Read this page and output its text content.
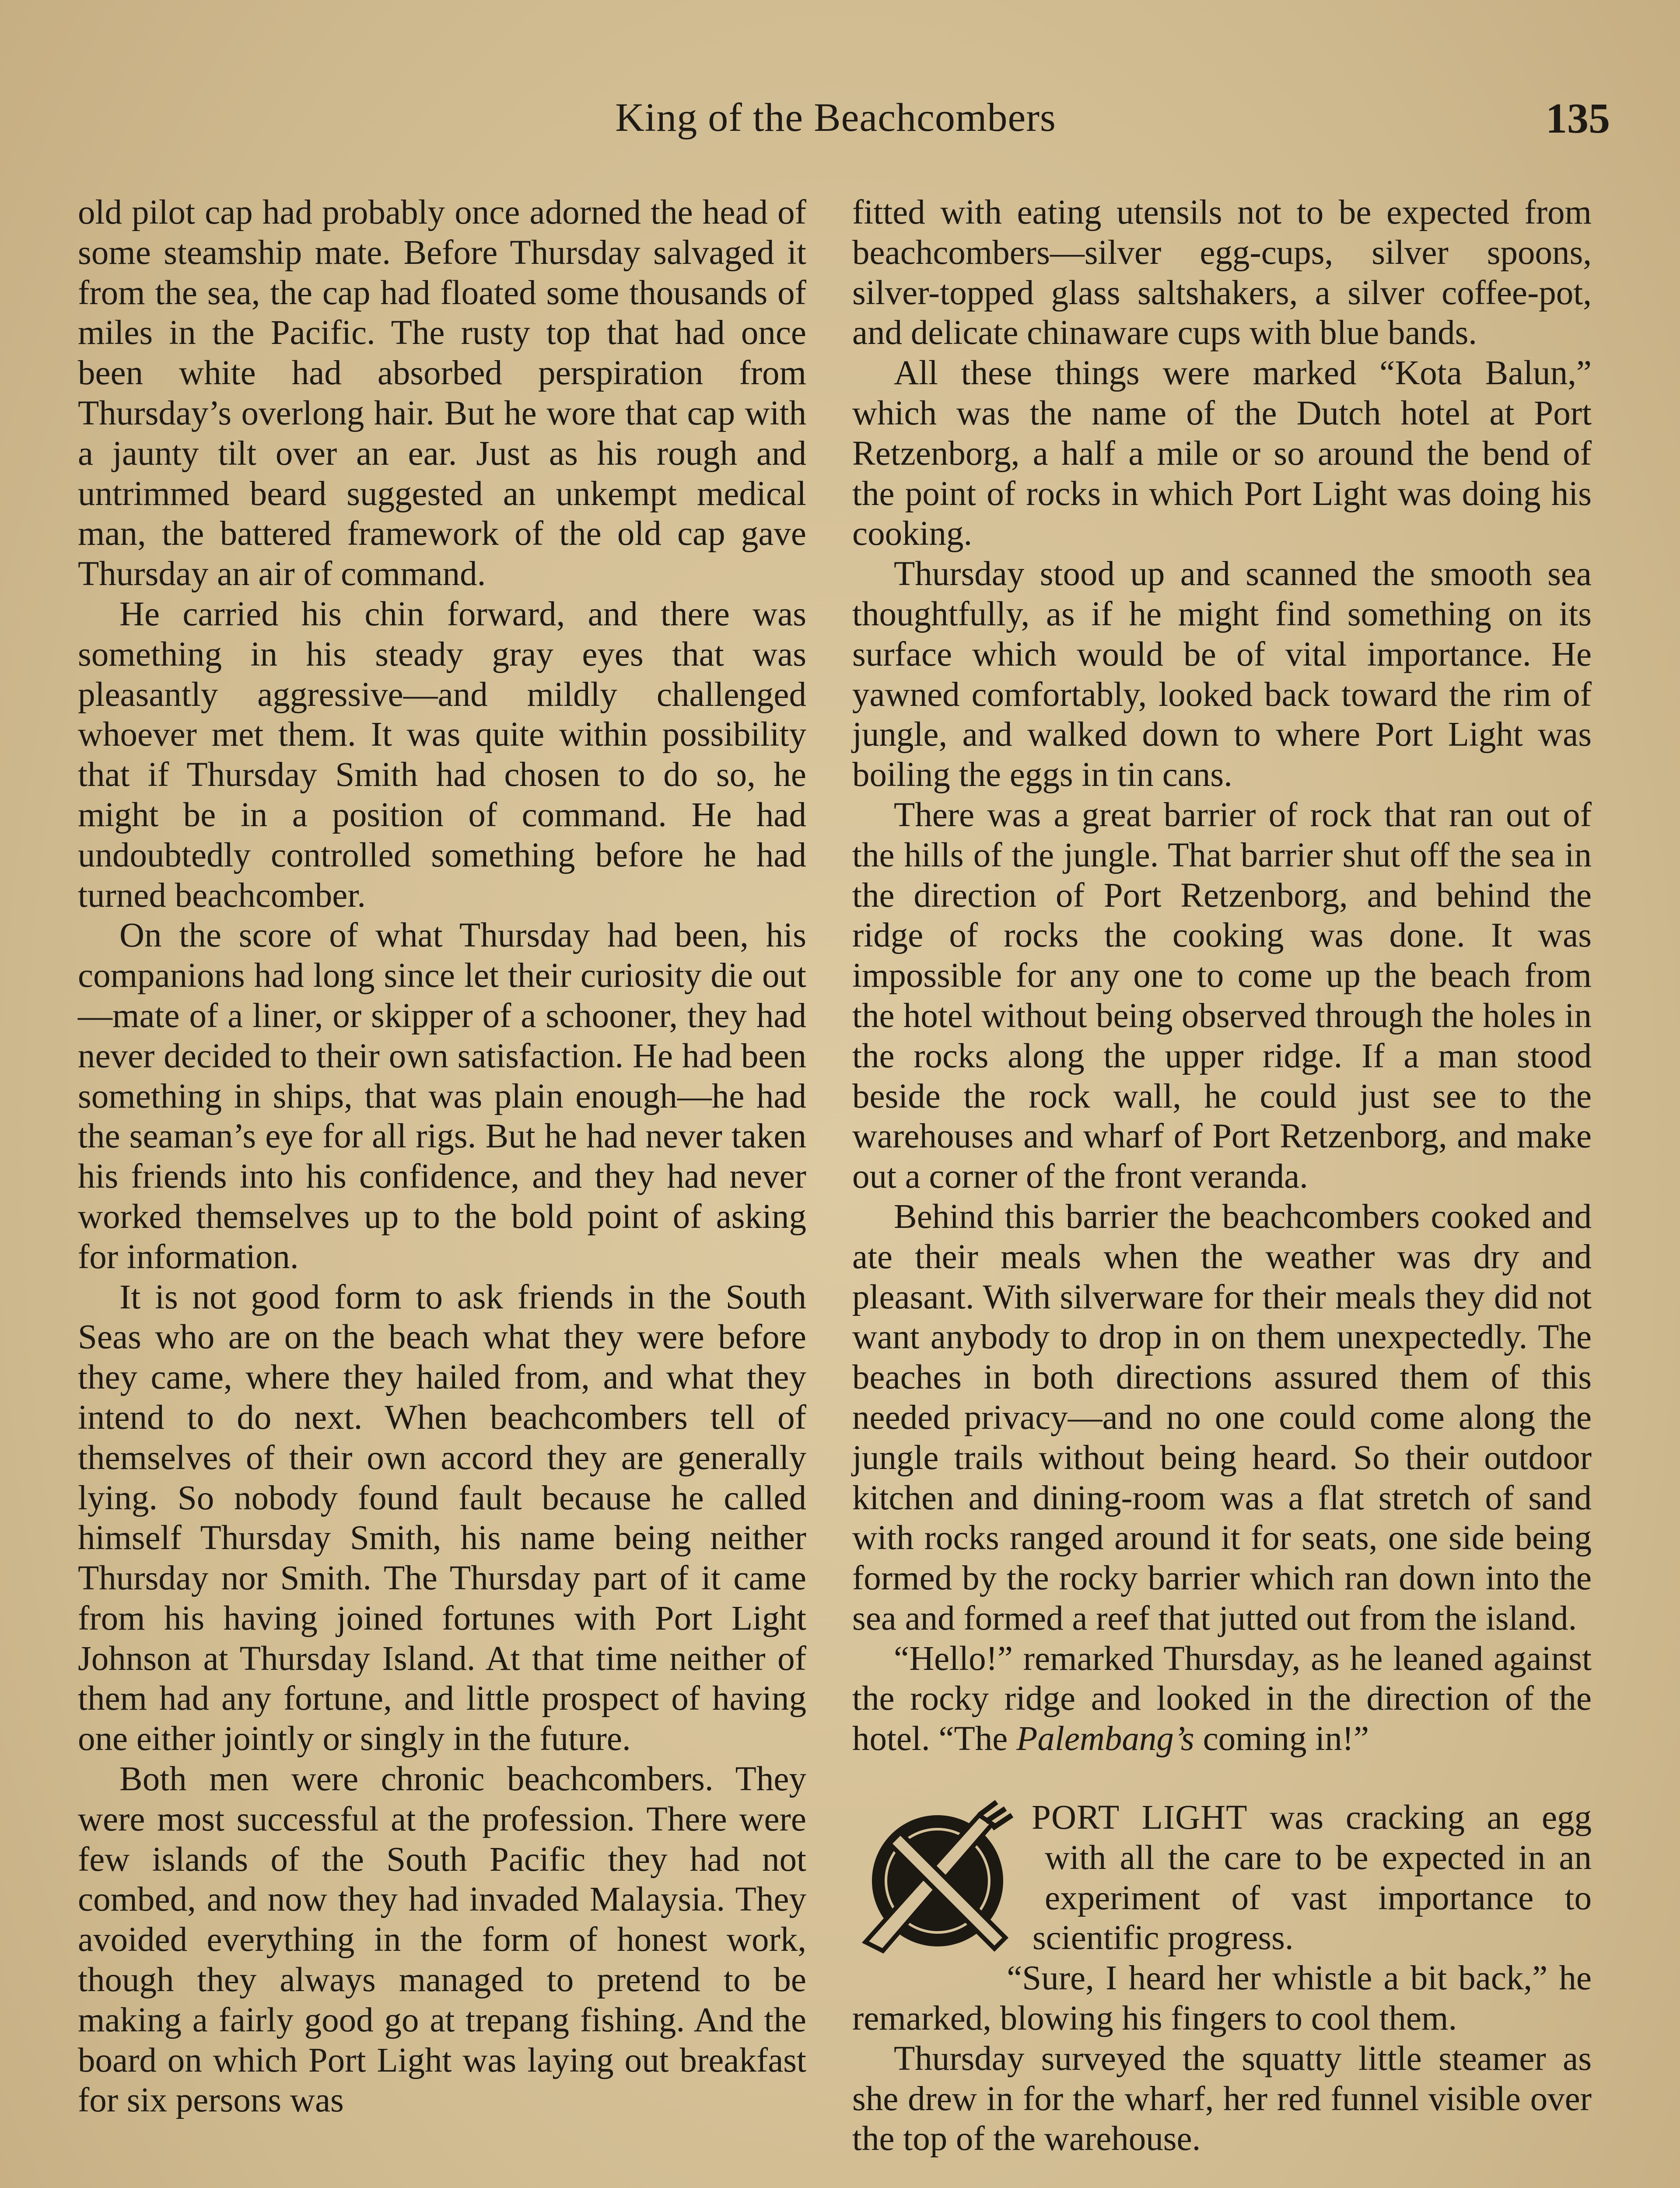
King of the Beachcombers	135

old pilot cap had probably once adorned the head of some steamship mate. Before Thursday salvaged it from the sea, the cap had floated some thousands of miles in the Pacific. The rusty top that had once been white had absorbed perspiration from Thursday’s overlong hair. But he wore that cap with a jaunty tilt over an ear. Just as his rough and untrimmed beard suggested an unkempt medical man, the battered framework of the old cap gave Thursday an air of command.

He carried his chin forward, and there was something in his steady gray eyes that was pleasantly aggressive—and mildly challenged whoever met them. It was quite within possibility that if Thursday Smith had chosen to do so, he might be in a position of command. He had undoubtedly controlled something before he had turned beachcomber.

On the score of what Thursday had been, his companions had long since let their curiosity die out—mate of a liner, or skipper of a schooner, they had never decided to their own satisfaction. He had been something in ships, that was plain enough—he had the seaman’s eye for all rigs. But he had never taken his friends into his confidence, and they had never worked themselves up to the bold point of asking for information.

It is not good form to ask friends in the South Seas who are on the beach what they were before they came, where they hailed from, and what they intend to do next. When beachcombers tell of themselves of their own accord they are generally lying. So nobody found fault because he called himself Thursday Smith, his name being neither Thursday nor Smith. The Thursday part of it came from his having joined fortunes with Port Light Johnson at Thursday Island. At that time neither of them had any fortune, and little prospect of having one either jointly or singly in the future.

Both men were chronic beachcombers. They were most successful at the profession. There were few islands of the South Pacific they had not combed, and now they had invaded Malaysia. They avoided everything in the form of honest work, though they always managed to pretend to be making a fairly good go at trepang fishing. And the board on which Port Light was laying out breakfast for six persons was

fitted with eating utensils not to be expected from beachcombers—silver egg-cups, silver spoons, silver-topped glass saltshakers, a silver coffee-pot, and delicate chinaware cups with blue bands.

All these things were marked “Kota Balun,” which was the name of the Dutch hotel at Port Retzenborg, a half a mile or so around the bend of the point of rocks in which Port Light was doing his cooking.

Thursday stood up and scanned the smooth sea thoughtfully, as if he might find something on its surface which would be of vital importance. He yawned comfortably, looked back toward the rim of jungle, and walked down to where Port Light was boiling the eggs in tin cans.

There was a great barrier of rock that ran out of the hills of the jungle. That barrier shut off the sea in the direction of Port Retzenborg, and behind the ridge of rocks the cooking was done. It was impossible for any one to come up the beach from the hotel without being observed through the holes in the rocks along the upper ridge. If a man stood beside the rock wall, he could just see to the warehouses and wharf of Port Retzenborg, and make out a corner of the front veranda.

Behind this barrier the beachcombers cooked and ate their meals when the weather was dry and pleasant. With silverware for their meals they did not want anybody to drop in on them unexpectedly. The beaches in both directions assured them of this needed privacy—and no one could come along the jungle trails without being heard. So their outdoor kitchen and dining-room was a flat stretch of sand with rocks ranged around it for seats, one side being formed by the rocky barrier which ran down into the sea and formed a reef that jutted out from the island.

“Hello!” remarked Thursday, as he leaned against the rocky ridge and looked in the direction of the hotel. “The Palembang’s coming in!”

PORT LIGHT was cracking an egg with all the care to be expected in an experiment of vast importance to scientific progress.

“Sure, I heard her whistle a bit back,” he remarked, blowing his fingers to cool them.

Thursday surveyed the squatty little steamer as she drew in for the wharf, her red funnel visible over the top of the warehouse.
